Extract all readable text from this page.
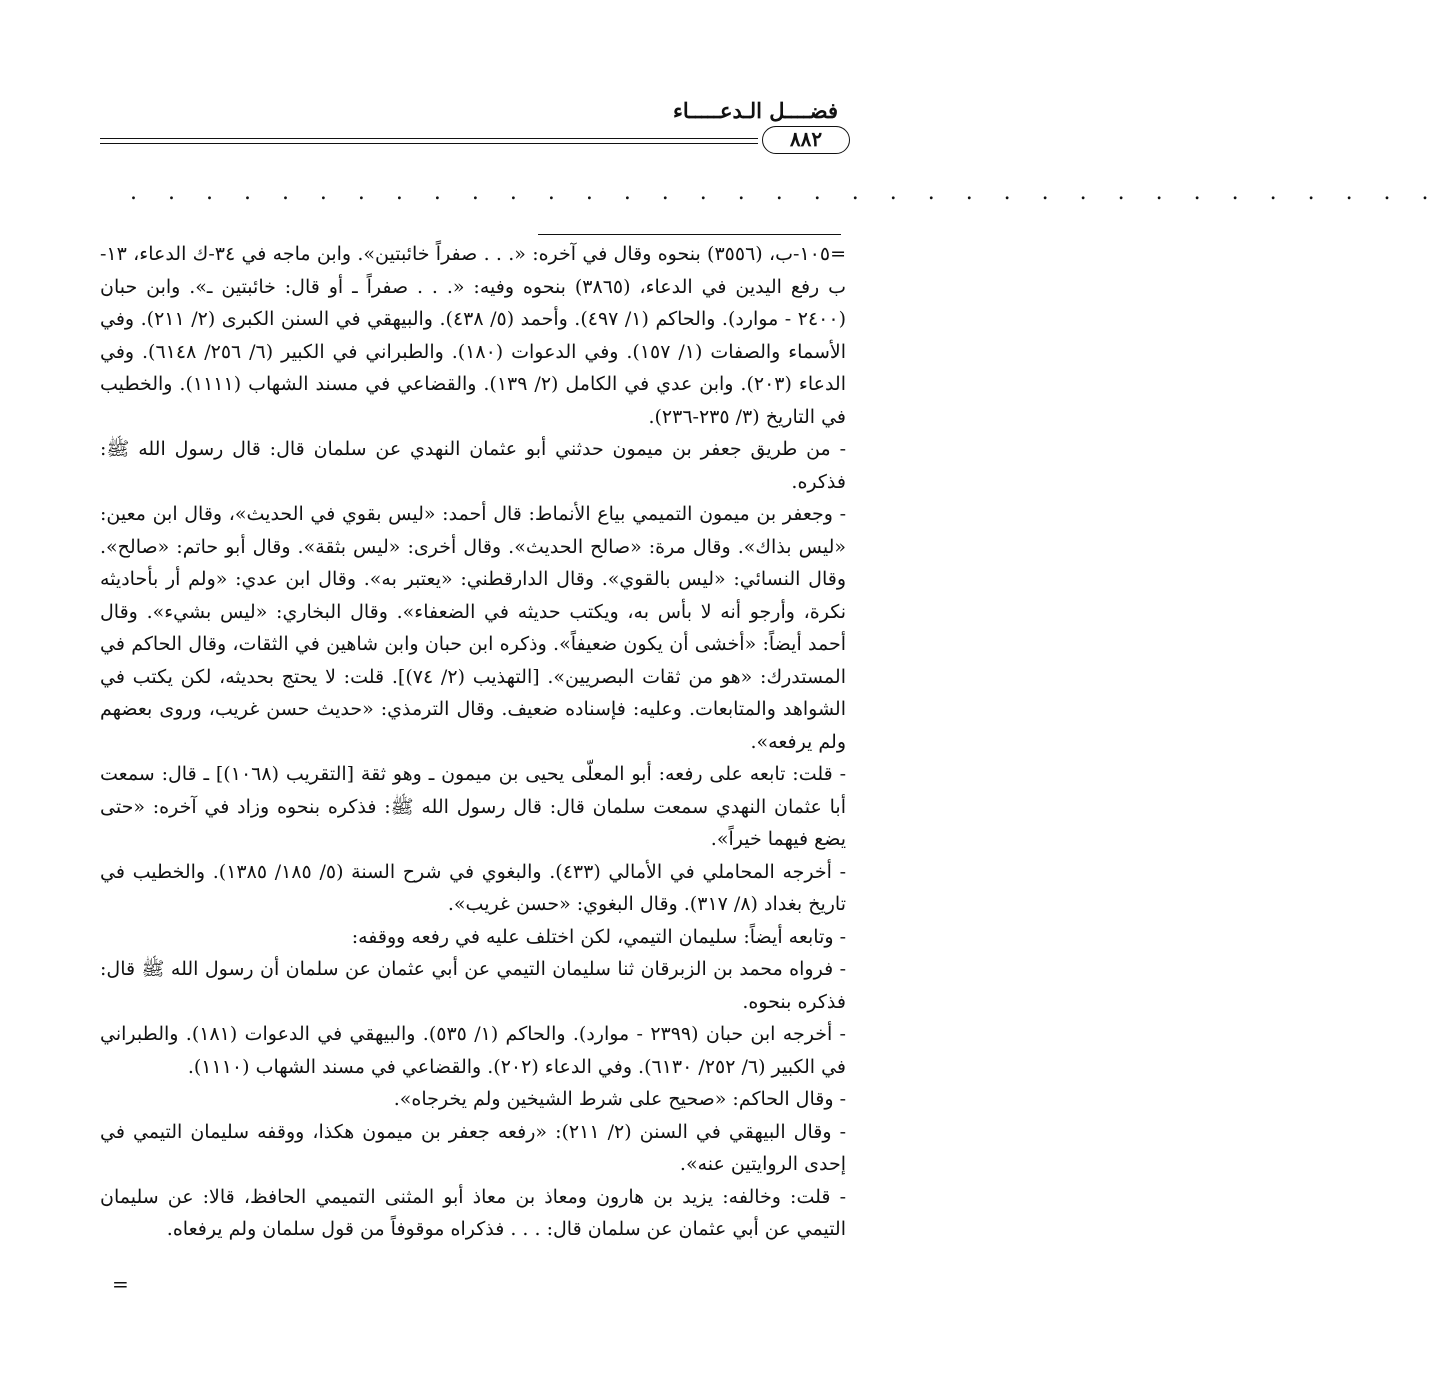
فضــــل الـدعـــــاء
٨٨٢
. . . . . . . . . . . . . . . . . . . . . . . . . . . . . . . . . . .

=١٠٥-ب، (٣٥٥٦) بنحوه وقال في آخره: «. . . صفراً خائبتين». وابن ماجه في ٣٤-ك الدعاء، ١٣-ب رفع اليدين في الدعاء، (٣٨٦٥) بنحوه وفيه: «. . . صفراً ـ أو قال: خائبتين ـ». وابن حبان (٢٤٠٠ - موارد). والحاكم (١/ ٤٩٧). وأحمد (٥/ ٤٣٨). والبيهقي في السنن الكبرى (٢/ ٢١١). وفي الأسماء والصفات (١/ ١٥٧). وفي الدعوات (١٨٠). والطبراني في الكبير (٦/ ٢٥٦/ ٦١٤٨). وفي الدعاء (٢٠٣). وابن عدي في الكامل (٢/ ١٣٩). والقضاعي في مسند الشهاب (١١١١). والخطيب في التاريخ (٣/ ٢٣٥-٢٣٦).

- من طريق جعفر بن ميمون حدثني أبو عثمان النهدي عن سلمان قال: قال رسول الله ﷺ: فذكره.

- وجعفر بن ميمون التميمي بياع الأنماط: قال أحمد: «ليس بقوي في الحديث»، وقال ابن معين: «ليس بذاك». وقال مرة: «صالح الحديث». وقال أخرى: «ليس بثقة». وقال أبو حاتم: «صالح». وقال النسائي: «ليس بالقوي». وقال الدارقطني: «يعتبر به». وقال ابن عدي: «ولم أر بأحاديثه نكرة، وأرجو أنه لا بأس به، ويكتب حديثه في الضعفاء». وقال البخاري: «ليس بشيء». وقال أحمد أيضاً: «أخشى أن يكون ضعيفاً». وذكره ابن حبان وابن شاهين في الثقات، وقال الحاكم في المستدرك: «هو من ثقات البصريين». [التهذيب (٢/ ٧٤)]. قلت: لا يحتج بحديثه، لكن يكتب في الشواهد والمتابعات. وعليه: فإسناده ضعيف. وقال الترمذي: «حديث حسن غريب، وروى بعضهم ولم يرفعه».

- قلت: تابعه على رفعه: أبو المعلّى يحيى بن ميمون ـ وهو ثقة [التقريب (١٠٦٨)] ـ قال: سمعت أبا عثمان النهدي سمعت سلمان قال: قال رسول الله ﷺ: فذكره بنحوه وزاد في آخره: «حتى يضع فيهما خيراً».

- أخرجه المحاملي في الأمالي (٤٣٣). والبغوي في شرح السنة (٥/ ١٨٥/ ١٣٨٥). والخطيب في تاريخ بغداد (٨/ ٣١٧). وقال البغوي: «حسن غريب».

- وتابعه أيضاً: سليمان التيمي، لكن اختلف عليه في رفعه ووقفه:

- فرواه محمد بن الزبرقان ثنا سليمان التيمي عن أبي عثمان عن سلمان أن رسول الله ﷺ قال: فذكره بنحوه.

- أخرجه ابن حبان (٢٣٩٩ - موارد). والحاكم (١/ ٥٣٥). والبيهقي في الدعوات (١٨١). والطبراني في الكبير (٦/ ٢٥٢/ ٦١٣٠). وفي الدعاء (٢٠٢). والقضاعي في مسند الشهاب (١١١٠).

- وقال الحاكم: «صحيح على شرط الشيخين ولم يخرجاه».

- وقال البيهقي في السنن (٢/ ٢١١): «رفعه جعفر بن ميمون هكذا، ووقفه سليمان التيمي في إحدى الروايتين عنه».

- قلت: وخالفه: يزيد بن هارون ومعاذ بن معاذ أبو المثنى التميمي الحافظ، قالا: عن سليمان التيمي عن أبي عثمان عن سلمان قال: . . . فذكراه موقوفاً من قول سلمان ولم يرفعاه.

=
